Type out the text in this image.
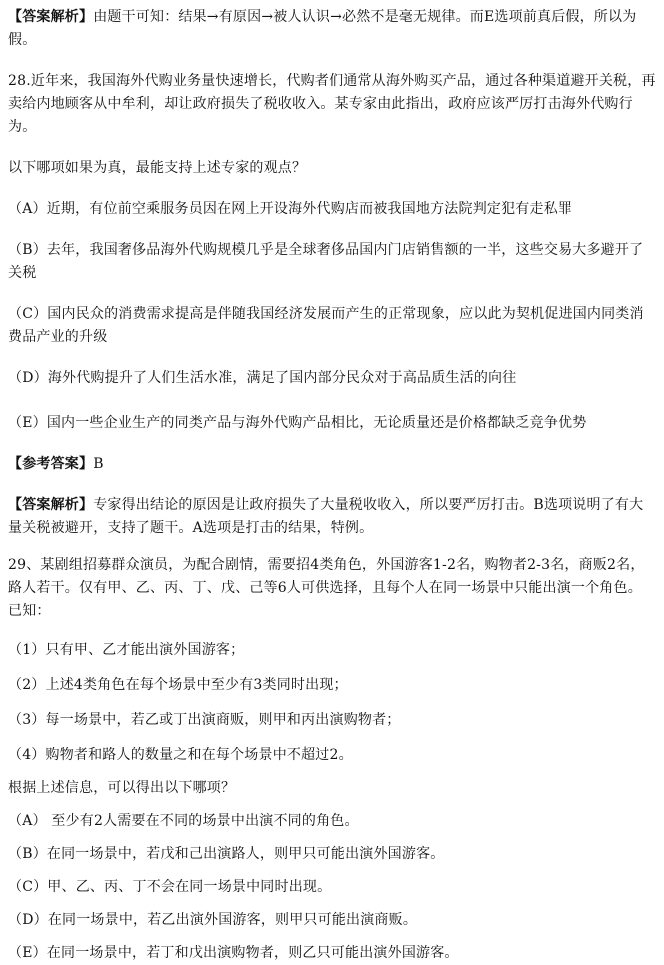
【答案解析】由题干可知：结果→有原因→被人认识→必然不是毫无规律。而E选项前真后假，所以为假。

28.近年来，我国海外代购业务量快速增长，代购者们通常从海外购买产品，通过各种渠道避开关税，再卖给内地顾客从中牟利，却让政府损失了税收收入。某专家由此指出，政府应该严厉打击海外代购行为。

以下哪项如果为真，最能支持上述专家的观点？

（A）近期，有位前空乘服务员因在网上开设海外代购店而被我国地方法院判定犯有走私罪

（B）去年，我国奢侈品海外代购规模几乎是全球奢侈品国内门店销售额的一半，这些交易大多避开了关税

（C）国内民众的消费需求提高是伴随我国经济发展而产生的正常现象，应以此为契机促进国内同类消费品产业的升级

（D）海外代购提升了人们生活水准，满足了国内部分民众对于高品质生活的向往

（E）国内一些企业生产的同类产品与海外代购产品相比，无论质量还是价格都缺乏竞争优势

【参考答案】B

【答案解析】专家得出结论的原因是让政府损失了大量税收收入，所以要严厉打击。B选项说明了有大量关税被避开，支持了题干。A选项是打击的结果，特例。

29、某剧组招募群众演员，为配合剧情，需要招4类角色，外国游客1-2名，购物者2-3名，商贩2名，路人若干。仅有甲、乙、丙、丁、戊、己等6人可供选择，且每个人在同一场景中只能出演一个角色。已知：

（1）只有甲、乙才能出演外国游客；

（2）上述4类角色在每个场景中至少有3类同时出现；

（3）每一场景中，若乙或丁出演商贩，则甲和丙出演购物者；

（4）购物者和路人的数量之和在每个场景中不超过2。

根据上述信息，可以得出以下哪项？

（A） 至少有2人需要在不同的场景中出演不同的角色。

（B）在同一场景中，若戊和己出演路人，则甲只可能出演外国游客。

（C）甲、乙、丙、丁不会在同一场景中同时出现。

（D）在同一场景中，若乙出演外国游客，则甲只可能出演商贩。

（E）在同一场景中，若丁和戊出演购物者，则乙只可能出演外国游客。
